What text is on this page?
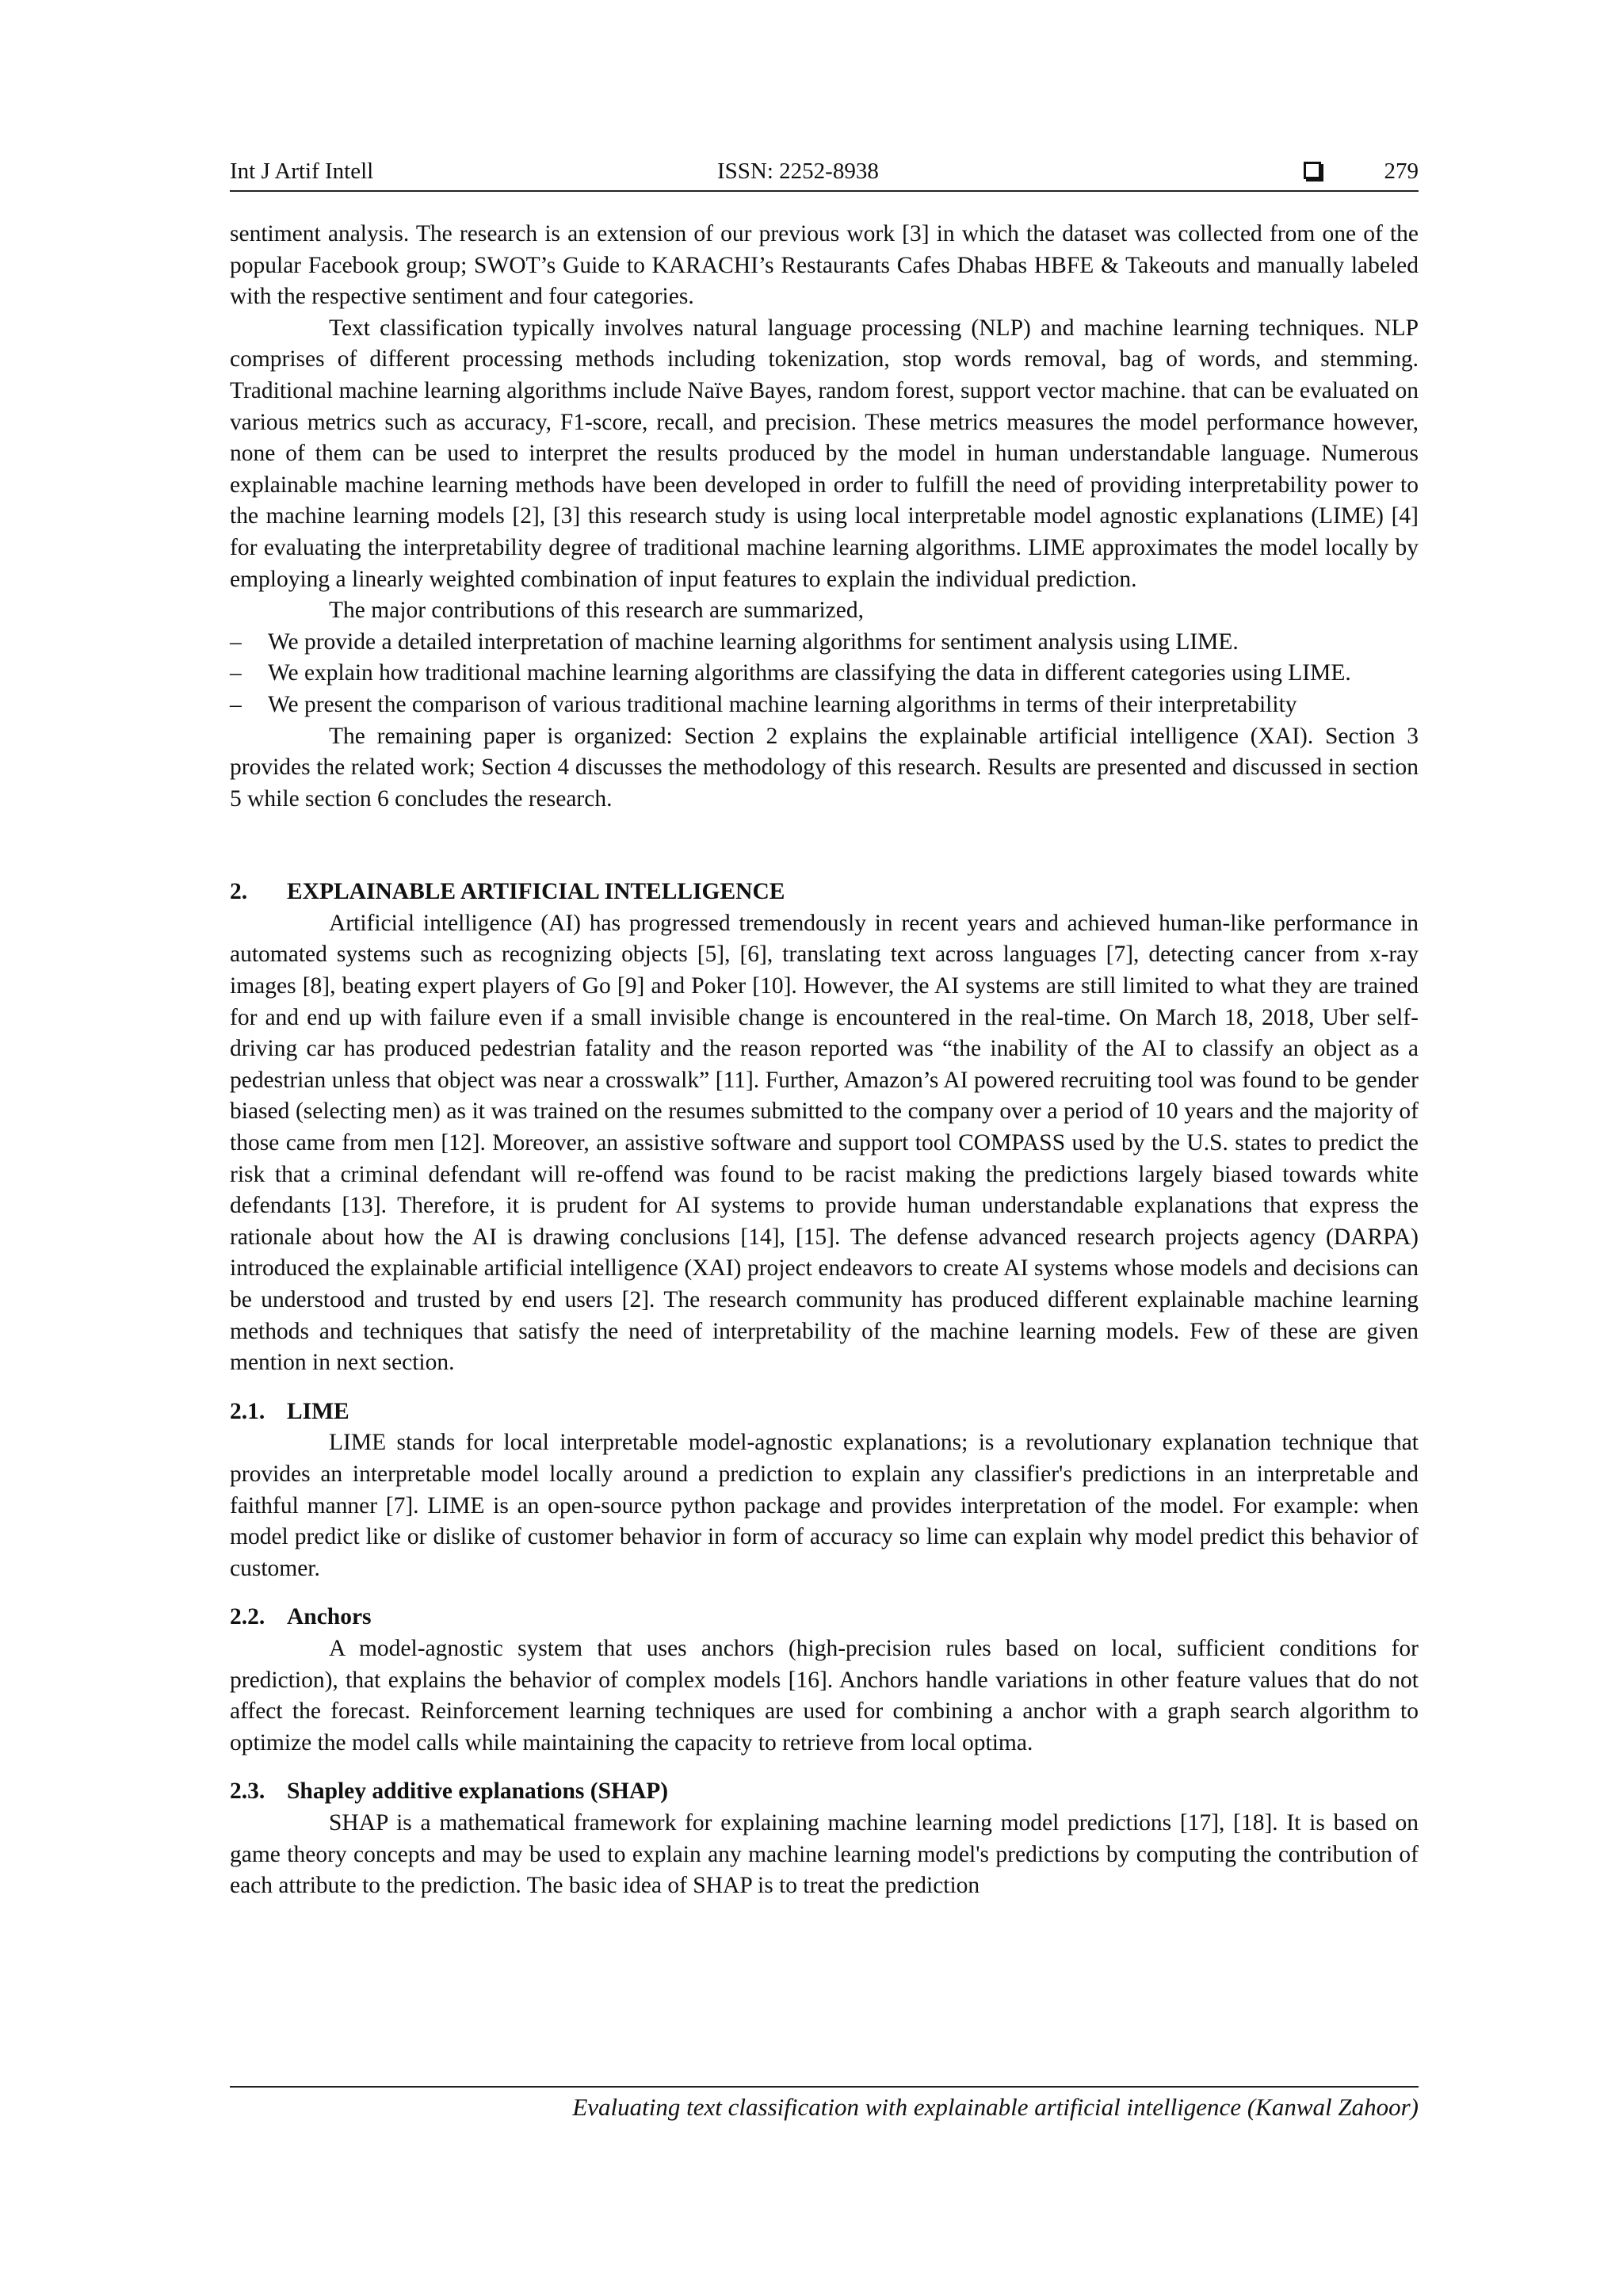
Int J Artif Intell	ISSN: 2252-8938	279

sentiment analysis. The research is an extension of our previous work [3] in which the dataset was collected from one of the popular Facebook group; SWOT’s Guide to KARACHI’s Restaurants Cafes Dhabas HBFE & Takeouts and manually labeled with the respective sentiment and four categories.

Text classification typically involves natural language processing (NLP) and machine learning techniques. NLP comprises of different processing methods including tokenization, stop words removal, bag of words, and stemming. Traditional machine learning algorithms include Naïve Bayes, random forest, support vector machine. that can be evaluated on various metrics such as accuracy, F1-score, recall, and precision. These metrics measures the model performance however, none of them can be used to interpret the results produced by the model in human understandable language. Numerous explainable machine learning methods have been developed in order to fulfill the need of providing interpretability power to the machine learning models [2], [3] this research study is using local interpretable model agnostic explanations (LIME) [4] for evaluating the interpretability degree of traditional machine learning algorithms. LIME approximates the model locally by employing a linearly weighted combination of input features to explain the individual prediction.

The major contributions of this research are summarized,

– We provide a detailed interpretation of machine learning algorithms for sentiment analysis using LIME.
– We explain how traditional machine learning algorithms are classifying the data in different categories using LIME.
– We present the comparison of various traditional machine learning algorithms in terms of their interpretability

The remaining paper is organized: Section 2 explains the explainable artificial intelligence (XAI). Section 3 provides the related work; Section 4 discusses the methodology of this research. Results are presented and discussed in section 5 while section 6 concludes the research.

2. EXPLAINABLE ARTIFICIAL INTELLIGENCE

Artificial intelligence (AI) has progressed tremendously in recent years and achieved human-like performance in automated systems such as recognizing objects [5], [6], translating text across languages [7], detecting cancer from x-ray images [8], beating expert players of Go [9] and Poker [10]. However, the AI systems are still limited to what they are trained for and end up with failure even if a small invisible change is encountered in the real-time. On March 18, 2018, Uber self-driving car has produced pedestrian fatality and the reason reported was “the inability of the AI to classify an object as a pedestrian unless that object was near a crosswalk” [11]. Further, Amazon’s AI powered recruiting tool was found to be gender biased (selecting men) as it was trained on the resumes submitted to the company over a period of 10 years and the majority of those came from men [12]. Moreover, an assistive software and support tool COMPASS used by the U.S. states to predict the risk that a criminal defendant will re-offend was found to be racist making the predictions largely biased towards white defendants [13]. Therefore, it is prudent for AI systems to provide human understandable explanations that express the rationale about how the AI is drawing conclusions [14], [15]. The defense advanced research projects agency (DARPA) introduced the explainable artificial intelligence (XAI) project endeavors to create AI systems whose models and decisions can be understood and trusted by end users [2]. The research community has produced different explainable machine learning methods and techniques that satisfy the need of interpretability of the machine learning models. Few of these are given mention in next section.

2.1. LIME

LIME stands for local interpretable model-agnostic explanations; is a revolutionary explanation technique that provides an interpretable model locally around a prediction to explain any classifier's predictions in an interpretable and faithful manner [7]. LIME is an open-source python package and provides interpretation of the model. For example: when model predict like or dislike of customer behavior in form of accuracy so lime can explain why model predict this behavior of customer.

2.2. Anchors

A model-agnostic system that uses anchors (high-precision rules based on local, sufficient conditions for prediction), that explains the behavior of complex models [16]. Anchors handle variations in other feature values that do not affect the forecast. Reinforcement learning techniques are used for combining a anchor with a graph search algorithm to optimize the model calls while maintaining the capacity to retrieve from local optima.

2.3. Shapley additive explanations (SHAP)

SHAP is a mathematical framework for explaining machine learning model predictions [17], [18]. It is based on game theory concepts and may be used to explain any machine learning model's predictions by computing the contribution of each attribute to the prediction. The basic idea of SHAP is to treat the prediction

Evaluating text classification with explainable artificial intelligence (Kanwal Zahoor)
